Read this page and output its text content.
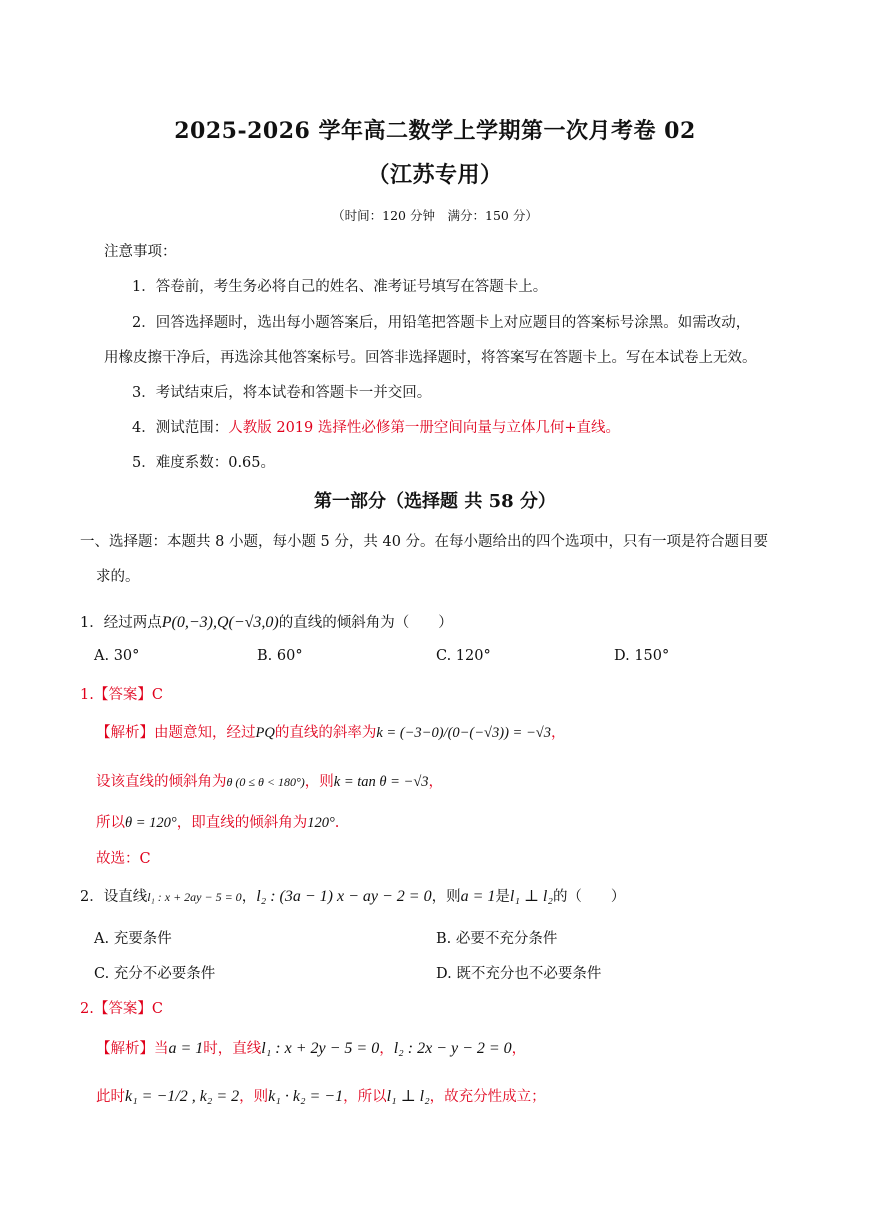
2025-2026 学年高二数学上学期第一次月考卷 02
（江苏专用）
（时间：120 分钟　满分：150 分）
注意事项：
1．答卷前，考生务必将自己的姓名、准考证号填写在答题卡上。
2．回答选择题时，选出每小题答案后，用铅笔把答题卡上对应题目的答案标号涂黑。如需改动，
用橡皮擦干净后，再选涂其他答案标号。回答非选择题时，将答案写在答题卡上。写在本试卷上无效。
3．考试结束后，将本试卷和答题卡一并交回。
4．测试范围：人教版 2019 选择性必修第一册空间向量与立体几何+直线。
5．难度系数：0.65。
第一部分（选择题 共 58 分）
一、选择题：本题共 8 小题，每小题 5 分，共 40 分。在每小题给出的四个选项中，只有一项是符合题目要
求的。
1．经过两点P(0,−3),Q(−√3,0)的直线的倾斜角为（　　）
A. 30°	B. 60°	C. 120°	D. 150°
1.【答案】C
【解析】由题意知，经过PQ的直线的斜率为k = (−3−0)/(0−(−√3)) = −√3，
设该直线的倾斜角为θ (0 ≤ θ < 180°)，则k = tan θ = −√3，
所以θ = 120°，即直线的倾斜角为120°.
故选：C
2．设直线l₁ : x + 2ay − 5 = 0，l₂ : (3a − 1) x − ay − 2 = 0，则a = 1是l₁ ⊥ l₂的（　　）
A. 充要条件	B. 必要不充分条件
C. 充分不必要条件	D. 既不充分也不必要条件
2.【答案】C
【解析】当a = 1时，直线l₁ : x + 2y − 5 = 0，l₂ : 2x − y − 2 = 0，
此时k₁ = −1/2 , k₂ = 2，则k₁ · k₂ = −1，所以l₁ ⊥ l₂，故充分性成立；
